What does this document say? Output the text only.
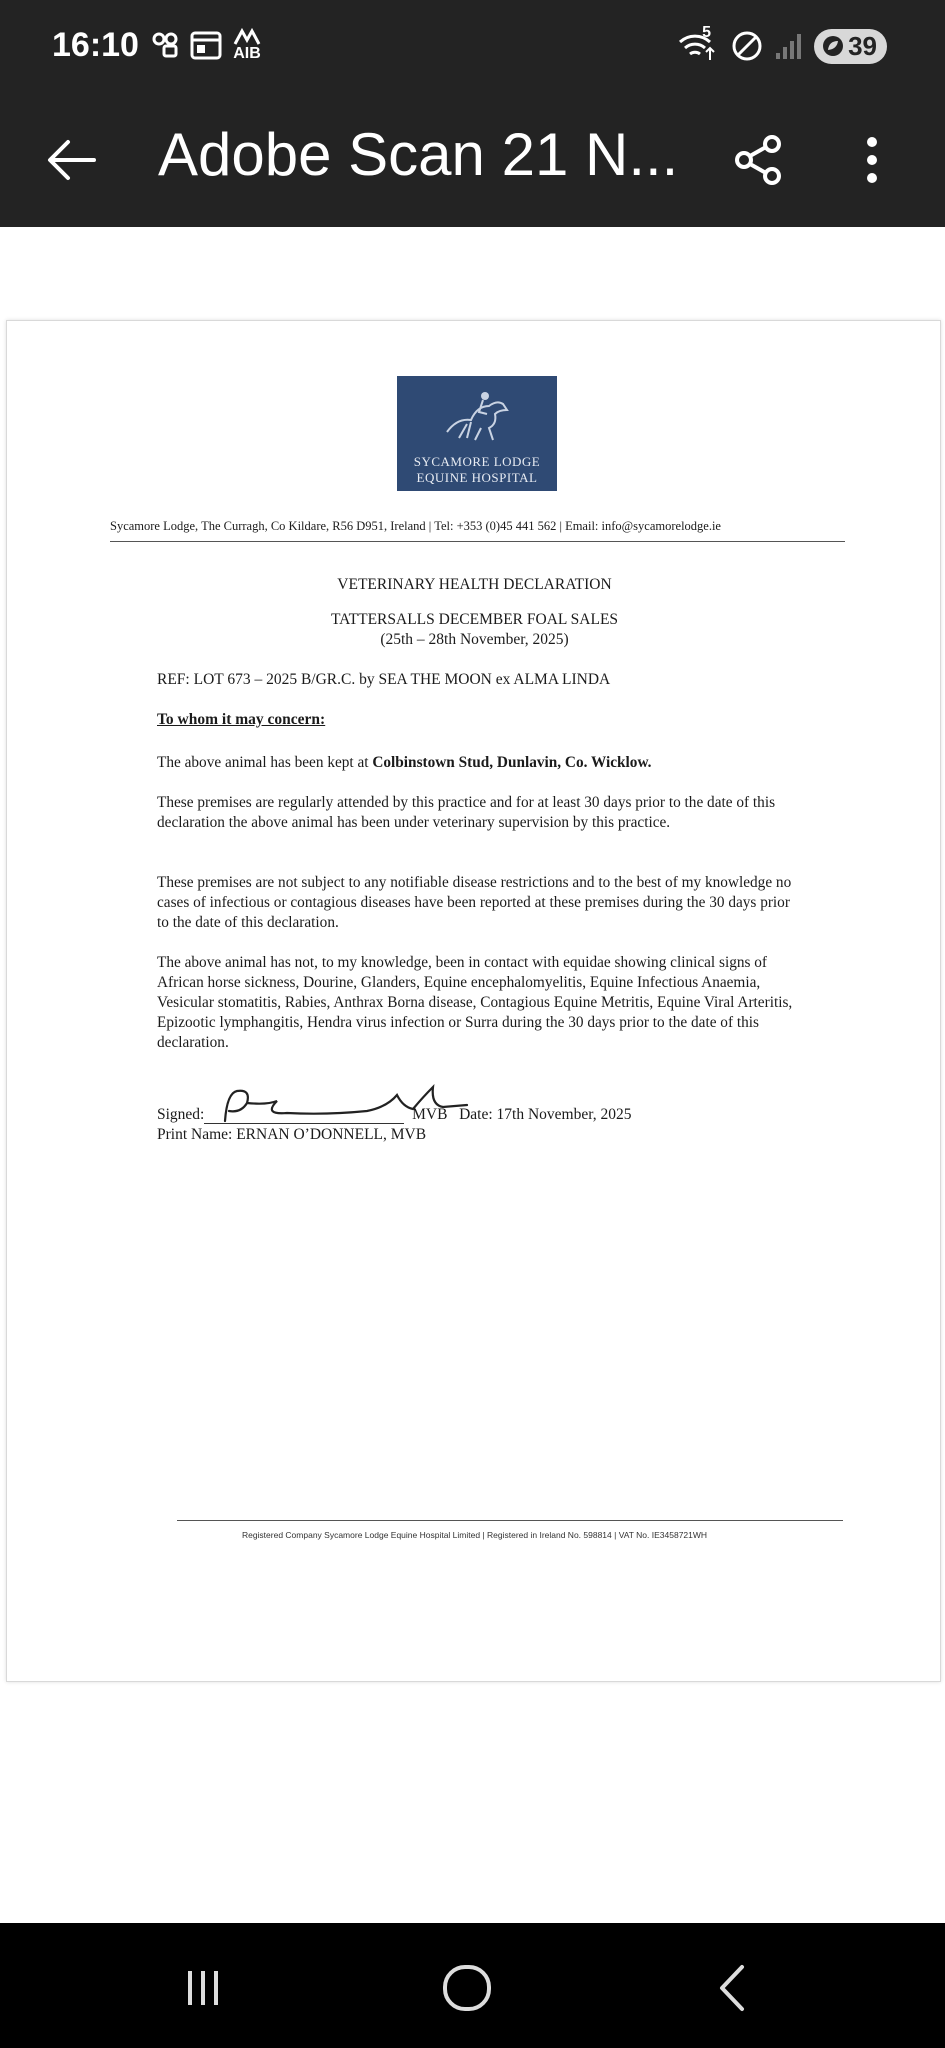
16:10	AIB
5	39
Adobe Scan 21 N...
SYCAMORE LODGE
EQUINE HOSPITAL
Sycamore Lodge, The Curragh, Co Kildare, R56 D951, Ireland | Tel: +353 (0)45 441 562 | Email: info@sycamorelodge.ie
VETERINARY HEALTH DECLARATION
TATTERSALLS DECEMBER FOAL SALES
(25th – 28th November, 2025)
REF: LOT 673 – 2025 B/GR.C. by SEA THE MOON ex ALMA LINDA
To whom it may concern:
The above animal has been kept at Colbinstown Stud, Dunlavin, Co. Wicklow.
These premises are regularly attended by this practice and for at least 30 days prior to the date of this declaration the above animal has been under veterinary supervision by this practice.
These premises are not subject to any notifiable disease restrictions and to the best of my knowledge no cases of infectious or contagious diseases have been reported at these premises during the 30 days prior to the date of this declaration.
The above animal has not, to my knowledge, been in contact with equidae showing clinical signs of African horse sickness, Dourine, Glanders, Equine encephalomyelitis, Equine Infectious Anaemia, Vesicular stomatitis, Rabies, Anthrax Borna disease, Contagious Equine Metritis, Equine Viral Arteritis, Epizootic lymphangitis, Hendra virus infection or Surra during the 30 days prior to the date of this declaration.
Signed:	MVB Date: 17th November, 2025
Print Name: ERNAN O’DONNELL, MVB
Registered Company Sycamore Lodge Equine Hospital Limited | Registered in Ireland No. 598814 | VAT No. IE3458721WH
